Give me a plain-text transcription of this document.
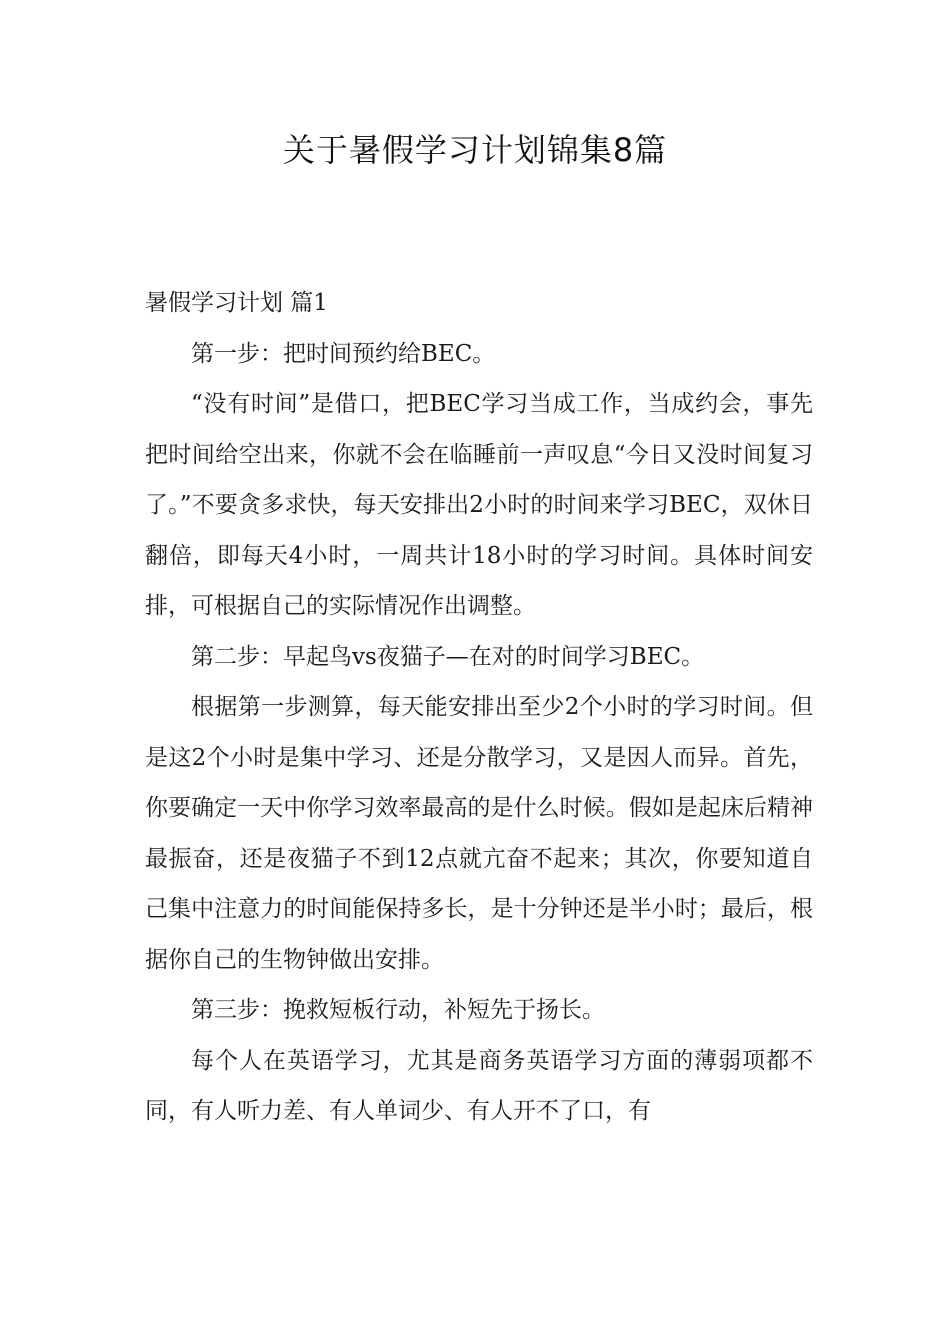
关于暑假学习计划锦集8篇
暑假学习计划 篇1

第一步：把时间预约给BEC。

“没有时间”是借口，把BEC学习当成工作，当成约会，事先把时间给空出来，你就不会在临睡前一声叹息“今日又没时间复习了。”不要贪多求快，每天安排出2小时的时间来学习BEC，双休日翻倍，即每天4小时，一周共计18小时的学习时间。具体时间安排，可根据自己的实际情况作出调整。

第二步：早起鸟vs夜猫子—在对的时间学习BEC。

根据第一步测算，每天能安排出至少2个小时的学习时间。但是这2个小时是集中学习、还是分散学习，又是因人而异。首先，你要确定一天中你学习效率最高的是什么时候。假如是起床后精神最振奋，还是夜猫子不到12点就亢奋不起来；其次，你要知道自己集中注意力的时间能保持多长，是十分钟还是半小时；最后，根据你自己的生物钟做出安排。

第三步：挽救短板行动，补短先于扬长。

每个人在英语学习，尤其是商务英语学习方面的薄弱项都不同，有人听力差、有人单词少、有人开不了口，有
